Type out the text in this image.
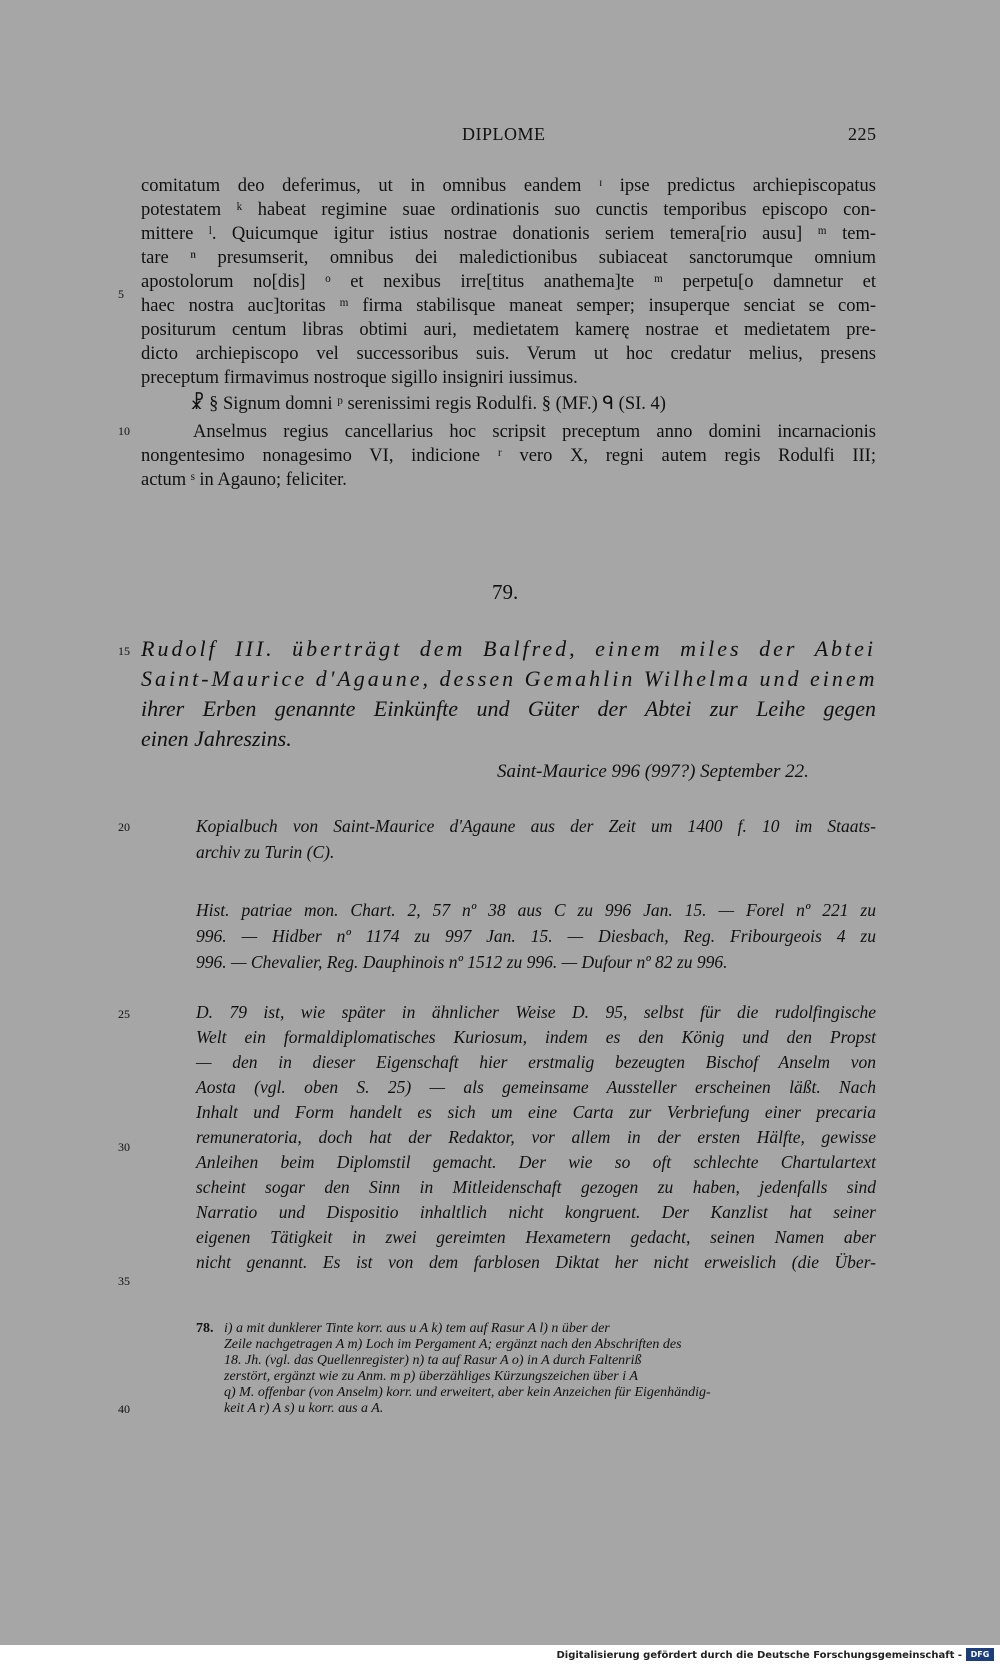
DIPLOME	225
comitatum deo deferimus, ut in omnibus eandem ᶦ ipse predictus archiepiscopatus
potestatem ᵏ habeat regimine suae ordinationis suo cunctis temporibus episcopo con-
mittere ˡ. Quicumque igitur istius nostrae donationis seriem temera[rio ausu] ᵐ tem-
tare ⁿ presumserit, omnibus dei maledictionibus subiaceat sanctorumque omnium
apostolorum no[dis] ᵒ et nexibus irre[titus anathema]te ᵐ perpetu[o damnetur et
haec nostra auc]toritas ᵐ firma stabilisque maneat semper; insuperque senciat se com-
positurum centum libras obtimi auri, medietatem kamerę nostrae et medietatem pre-
dicto archiepiscopo vel successoribus suis. Verum ut hoc credatur melius, presens
preceptum firmavimus nostroque sigillo insigniri iussimus.
☧ § Signum domni ᵖ serenissimi regis Rodulfi. § (MF.) ᑫ (SI. 4)
Anselmus regius cancellarius hoc scripsit preceptum anno domini incarnacionis
nongentesimo nonagesimo VI, indicione ʳ vero X, regni autem regis Rodulfi III;
actum ˢ in Agauno; feliciter.
79.
Rudolf III. überträgt dem Balfred, einem miles der Abtei
Saint-Maurice d'Agaune, dessen Gemahlin Wilhelma und einem
ihrer Erben genannte Einkünfte und Güter der Abtei zur Leihe gegen
einen Jahreszins.
Saint-Maurice 996 (997?) September 22.
Kopialbuch von Saint-Maurice d'Agaune aus der Zeit um 1400 f. 10 im Staats-
archiv zu Turin (C).
Hist. patriae mon. Chart. 2, 57 nº 38 aus C zu 996 Jan. 15. — Forel nº 221 zu
996. — Hidber nº 1174 zu 997 Jan. 15. — Diesbach, Reg. Fribourgeois 4 zu
996. — Chevalier, Reg. Dauphinois nº 1512 zu 996. — Dufour nº 82 zu 996.
D. 79 ist, wie später in ähnlicher Weise D. 95, selbst für die rudolfingische
Welt ein formaldiplomatisches Kuriosum, indem es den König und den Propst
— den in dieser Eigenschaft hier erstmalig bezeugten Bischof Anselm von
Aosta (vgl. oben S. 25) — als gemeinsame Aussteller erscheinen läßt. Nach
Inhalt und Form handelt es sich um eine Carta zur Verbriefung einer precaria
remuneratoria, doch hat der Redaktor, vor allem in der ersten Hälfte, gewisse
Anleihen beim Diplomstil gemacht. Der wie so oft schlechte Chartulartext
scheint sogar den Sinn in Mitleidenschaft gezogen zu haben, jedenfalls sind
Narratio und Dispositio inhaltlich nicht kongruent. Der Kanzlist hat seiner
eigenen Tätigkeit in zwei gereimten Hexametern gedacht, seinen Namen aber
nicht genannt. Es ist von dem farblosen Diktat her nicht erweislich (die Über-
5
10
15
20
25
30
35
40
78. i) a mit dunklerer Tinte korr. aus u A k) tem auf Rasur A l) n über der
Zeile nachgetragen A m) Loch im Pergament A; ergänzt nach den Abschriften des
18. Jh. (vgl. das Quellenregister) n) ta auf Rasur A o) in A durch Faltenriß
zerstört, ergänzt wie zu Anm. m p) überzähliges Kürzungszeichen über i A
q) M. offenbar (von Anselm) korr. und erweitert, aber kein Anzeichen für Eigenhändig-
keit A r) A s) u korr. aus a A.
Digitalisierung gefördert durch die Deutsche Forschungsgemeinschaft -	DFG
